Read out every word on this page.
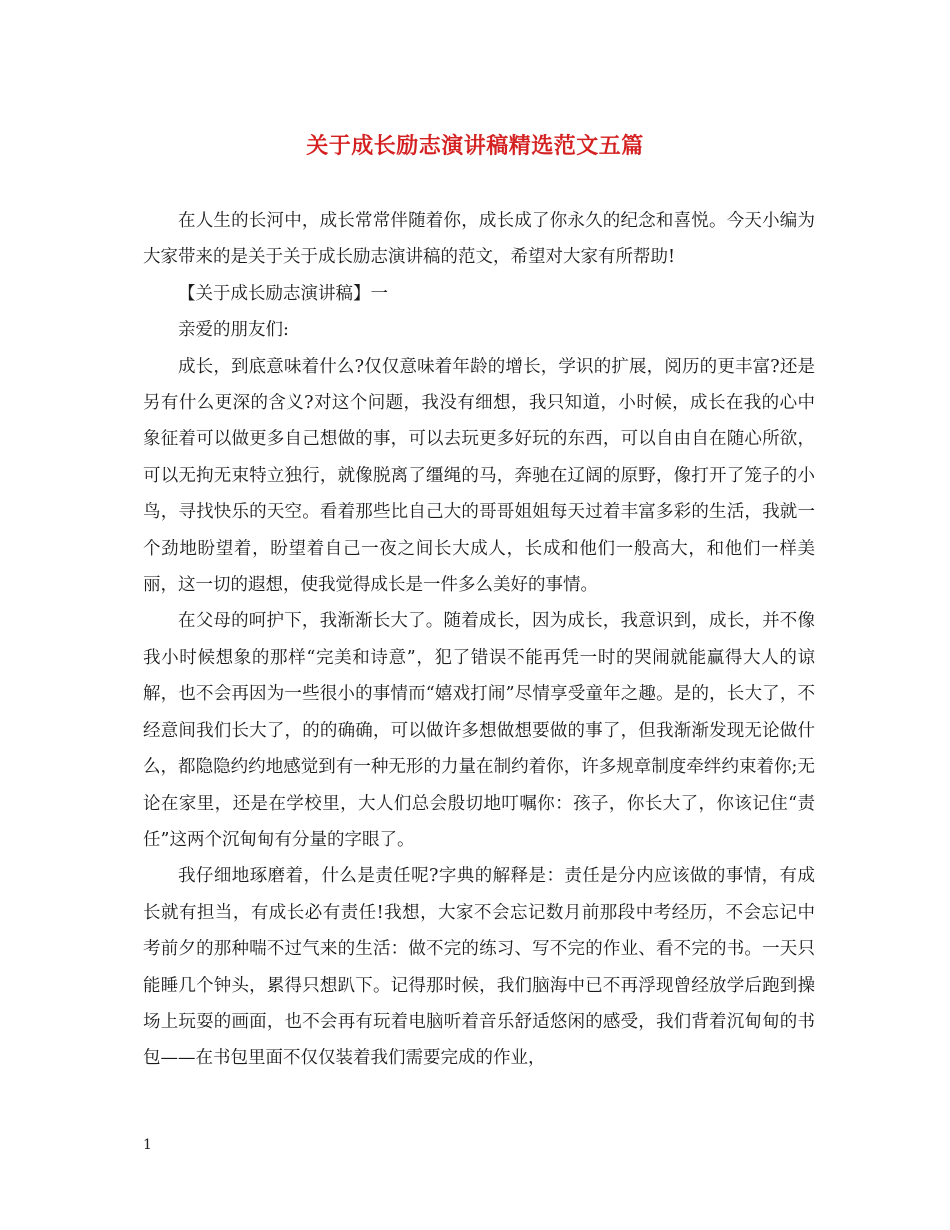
关于成长励志演讲稿精选范文五篇

在人生的长河中，成长常常伴随着你，成长成了你永久的纪念和喜悦。今天小编为大家带来的是关于关于成长励志演讲稿的范文，希望对大家有所帮助!

【关于成长励志演讲稿】一

亲爱的朋友们:

成长，到底意味着什么?仅仅意味着年龄的增长，学识的扩展，阅历的更丰富?还是另有什么更深的含义?对这个问题，我没有细想，我只知道，小时候，成长在我的心中象征着可以做更多自己想做的事，可以去玩更多好玩的东西，可以自由自在随心所欲，可以无拘无束特立独行，就像脱离了缰绳的马，奔驰在辽阔的原野，像打开了笼子的小鸟，寻找快乐的天空。看着那些比自己大的哥哥姐姐每天过着丰富多彩的生活，我就一个劲地盼望着，盼望着自己一夜之间长大成人，长成和他们一般高大，和他们一样美丽，这一切的遐想，使我觉得成长是一件多么美好的事情。

在父母的呵护下，我渐渐长大了。随着成长，因为成长，我意识到，成长，并不像我小时候想象的那样“完美和诗意”，犯了错误不能再凭一时的哭闹就能赢得大人的谅解，也不会再因为一些很小的事情而“嬉戏打闹”尽情享受童年之趣。是的，长大了，不经意间我们长大了，的的确确，可以做许多想做想要做的事了，但我渐渐发现无论做什么，都隐隐约约地感觉到有一种无形的力量在制约着你，许多规章制度牵绊约束着你;无论在家里，还是在学校里，大人们总会殷切地叮嘱你：孩子，你长大了，你该记住“责任”这两个沉甸甸有分量的字眼了。

我仔细地琢磨着，什么是责任呢?字典的解释是：责任是分内应该做的事情，有成长就有担当，有成长必有责任!我想，大家不会忘记数月前那段中考经历，不会忘记中考前夕的那种喘不过气来的生活：做不完的练习、写不完的作业、看不完的书。一天只能睡几个钟头，累得只想趴下。记得那时候，我们脑海中已不再浮现曾经放学后跑到操场上玩耍的画面，也不会再有玩着电脑听着音乐舒适悠闲的感受，我们背着沉甸甸的书包——在书包里面不仅仅装着我们需要完成的作业，

1
